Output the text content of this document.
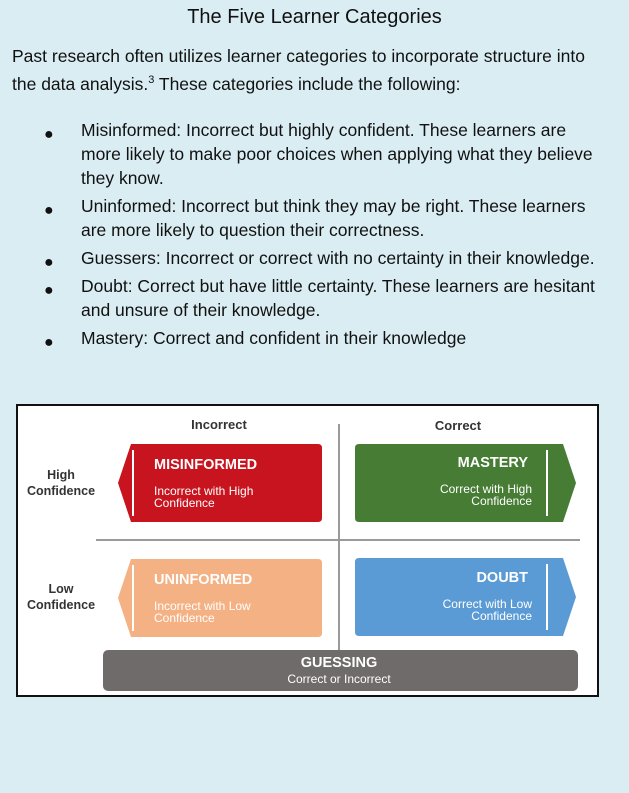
The Five Learner Categories
Past research often utilizes learner categories to incorporate structure into the data analysis.$^3$ These categories include the following:
● Misinformed: Incorrect but highly confident. These learners are more likely to make poor choices when applying what they believe they know.
● Uninformed: Incorrect but think they may be right. These learners are more likely to question their correctness.
● Guessers: Incorrect or correct with no certainty in their knowledge.
● Doubt: Correct but have little certainty. These learners are hesitant and unsure of their knowledge.
● Mastery: Correct and confident in their knowledge
Incorrect	Correct
High
Confidence
Low
Confidence
MISINFORMED
Incorrect with High
Confidence
MASTERY
Correct with High
Confidence
UNINFORMED
Incorrect with Low
Confidence
DOUBT
Correct with Low
Confidence
GUESSING
Correct or Incorrect
